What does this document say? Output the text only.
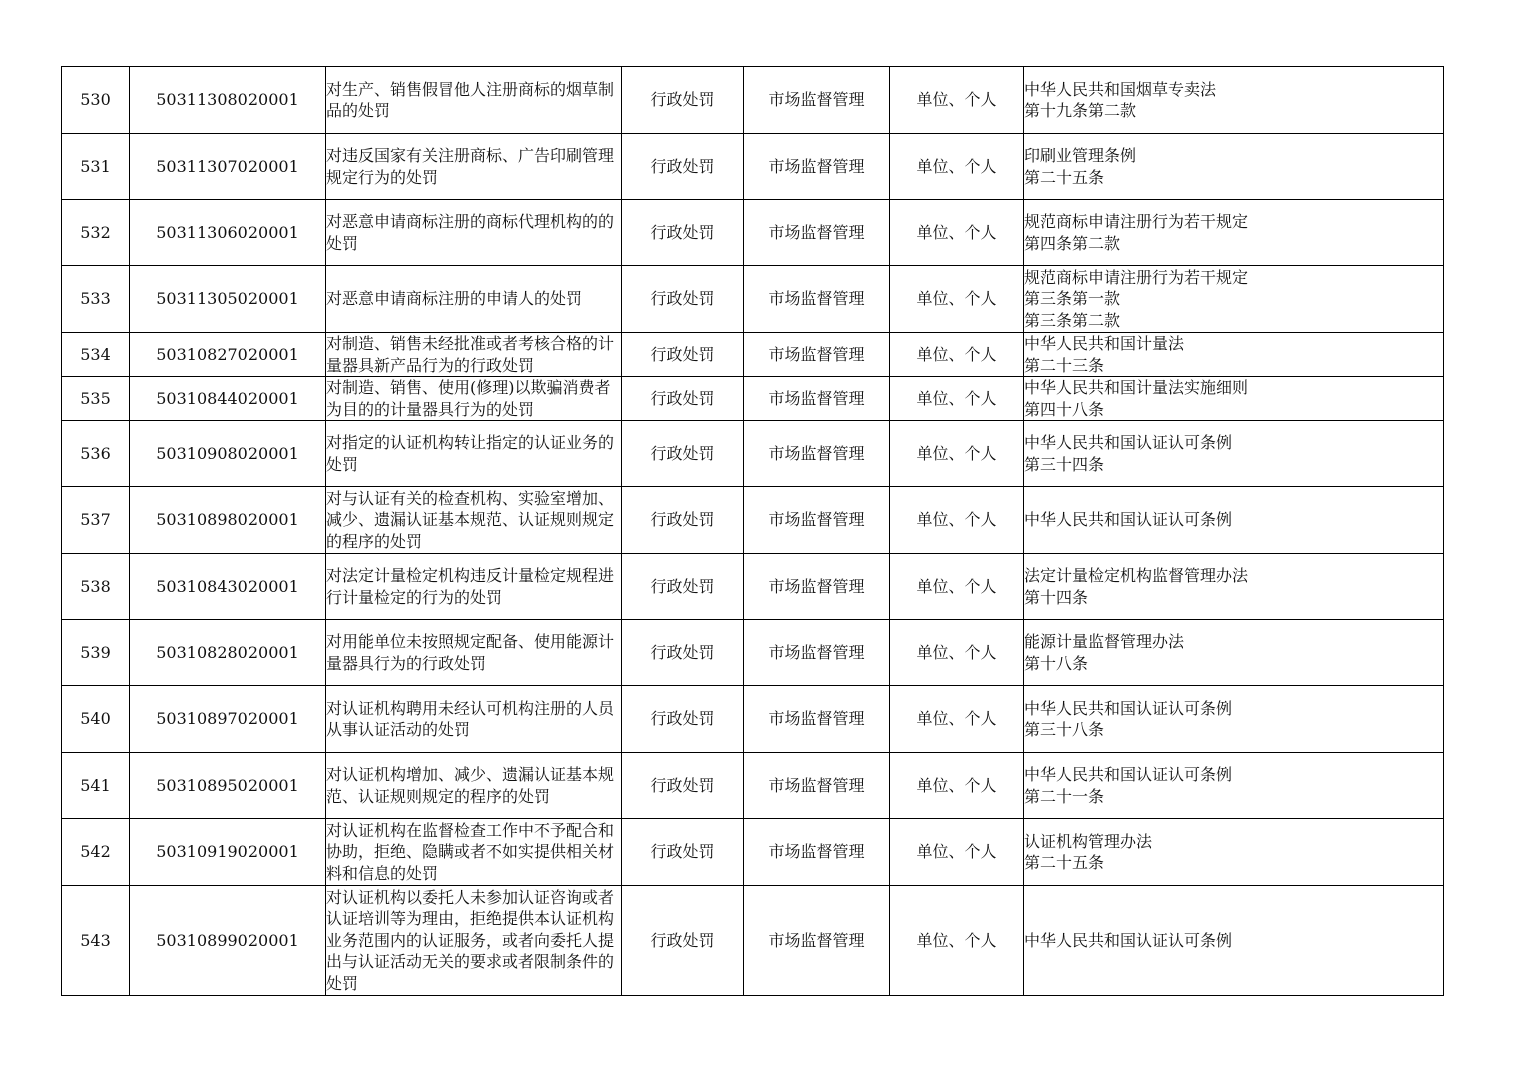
530	50311308020001	对生产、销售假冒他人注册商标的烟草制品的处罚	行政处罚	市场监督管理	单位、个人	中华人民共和国烟草专卖法
第十九条第二款

531	50311307020001	对违反国家有关注册商标、广告印刷管理规定行为的处罚	行政处罚	市场监督管理	单位、个人	印刷业管理条例
第二十五条

532	50311306020001	对恶意申请商标注册的商标代理机构的的处罚	行政处罚	市场监督管理	单位、个人	规范商标申请注册行为若干规定
第四条第二款

533	50311305020001	对恶意申请商标注册的申请人的处罚	行政处罚	市场监督管理	单位、个人	规范商标申请注册行为若干规定
第三条第一款
第三条第二款

534	50310827020001	对制造、销售未经批准或者考核合格的计量器具新产品行为的行政处罚	行政处罚	市场监督管理	单位、个人	中华人民共和国计量法
第二十三条

535	50310844020001	对制造、销售、使用(修理)以欺骗消费者为目的的计量器具行为的处罚	行政处罚	市场监督管理	单位、个人	中华人民共和国计量法实施细则
第四十八条

536	50310908020001	对指定的认证机构转让指定的认证业务的处罚	行政处罚	市场监督管理	单位、个人	中华人民共和国认证认可条例
第三十四条

537	50310898020001	对与认证有关的检查机构、实验室增加、减少、遗漏认证基本规范、认证规则规定的程序的处罚	行政处罚	市场监督管理	单位、个人	中华人民共和国认证认可条例

538	50310843020001	对法定计量检定机构违反计量检定规程进行计量检定的行为的处罚	行政处罚	市场监督管理	单位、个人	法定计量检定机构监督管理办法
第十四条

539	50310828020001	对用能单位未按照规定配备、使用能源计量器具行为的行政处罚	行政处罚	市场监督管理	单位、个人	能源计量监督管理办法
第十八条

540	50310897020001	对认证机构聘用未经认可机构注册的人员从事认证活动的处罚	行政处罚	市场监督管理	单位、个人	中华人民共和国认证认可条例
第三十八条

541	50310895020001	对认证机构增加、减少、遗漏认证基本规范、认证规则规定的程序的处罚	行政处罚	市场监督管理	单位、个人	中华人民共和国认证认可条例
第二十一条

542	50310919020001	对认证机构在监督检查工作中不予配合和协助，拒绝、隐瞒或者不如实提供相关材料和信息的处罚	行政处罚	市场监督管理	单位、个人	认证机构管理办法
第二十五条

543	50310899020001	对认证机构以委托人未参加认证咨询或者认证培训等为理由，拒绝提供本认证机构业务范围内的认证服务，或者向委托人提出与认证活动无关的要求或者限制条件的处罚	行政处罚	市场监督管理	单位、个人	中华人民共和国认证认可条例
